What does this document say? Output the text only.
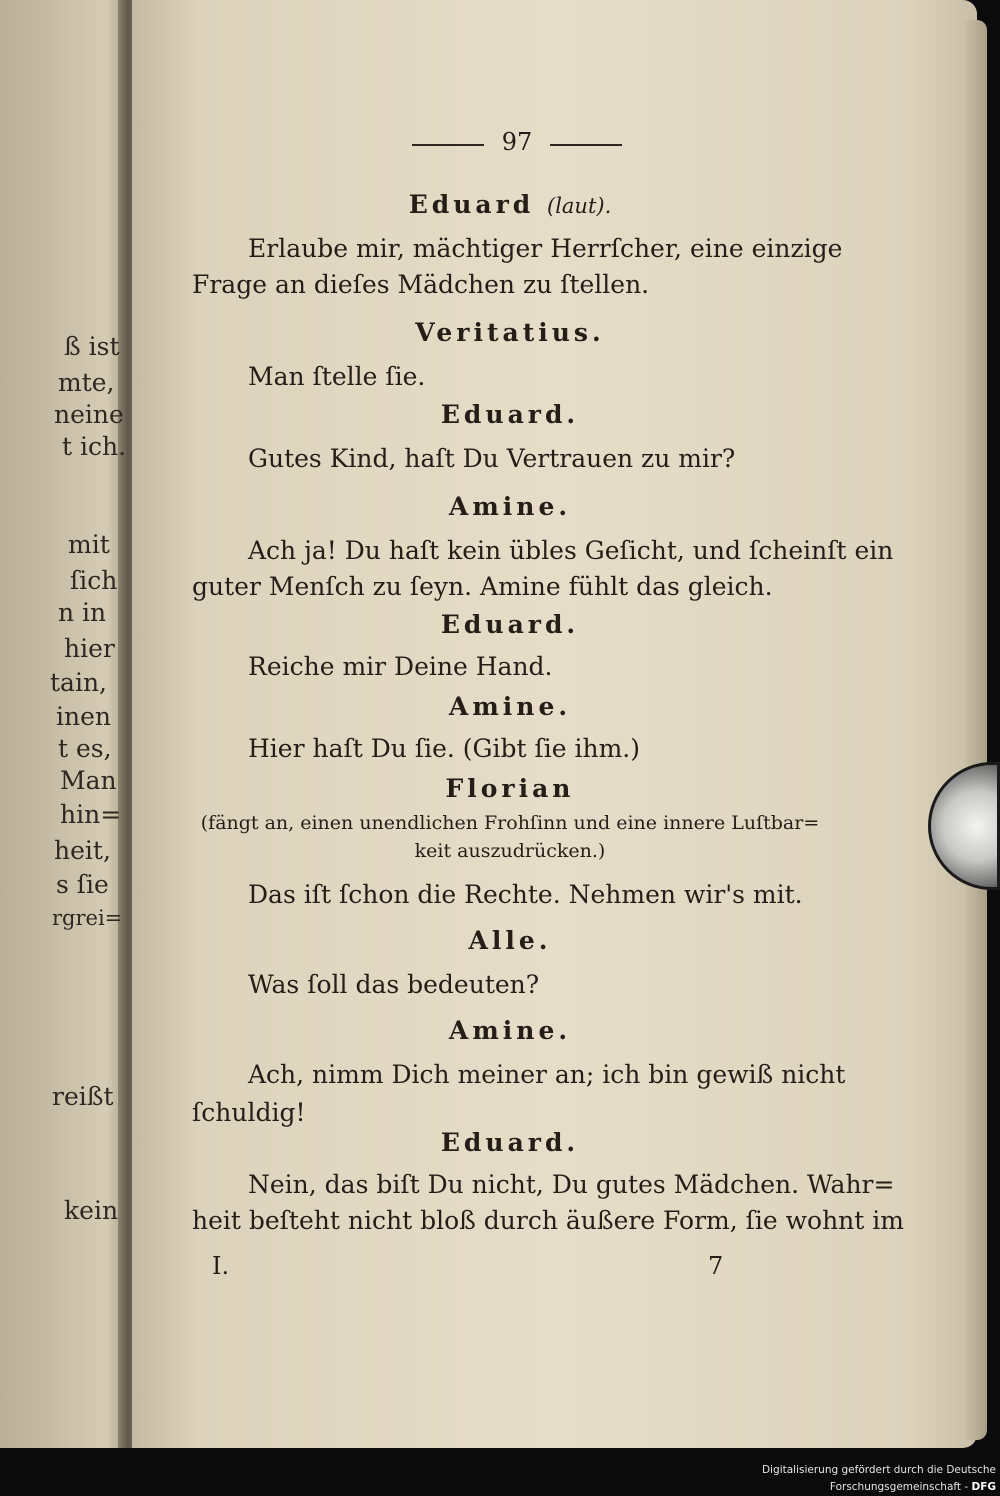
ß ist
mte,
neine
t ich.
mit
ſich
n in
hier
tain,
inen
t es,
Man
hin=
heit,
s ſie
rgrei=
reißt
kein
97
Eduard (laut).
Erlaube mir, mächtiger Herrſcher, eine einzige
Frage an dieſes Mädchen zu ſtellen.
Veritatius.
Man ſtelle ſie.
Eduard.
Gutes Kind, haſt Du Vertrauen zu mir?
Amine.
Ach ja! Du haſt kein übles Geſicht, und ſcheinſt ein
guter Menſch zu ſeyn. Amine fühlt das gleich.
Eduard.
Reiche mir Deine Hand.
Amine.
Hier haſt Du ſie. (Gibt ſie ihm.)
Florian
(fängt an, einen unendlichen Frohſinn und eine innere Luſtbar=
keit auszudrücken.)
Das iſt ſchon die Rechte. Nehmen wir's mit.
Alle.
Was ſoll das bedeuten?
Amine.
Ach, nimm Dich meiner an; ich bin gewiß nicht
ſchuldig!
Eduard.
Nein, das biſt Du nicht, Du gutes Mädchen. Wahr=
heit beſteht nicht bloß durch äußere Form, ſie wohnt im
I.	7
Digitalisierung gefördert durch die Deutsche Forschungsgemeinschaft - DFG
